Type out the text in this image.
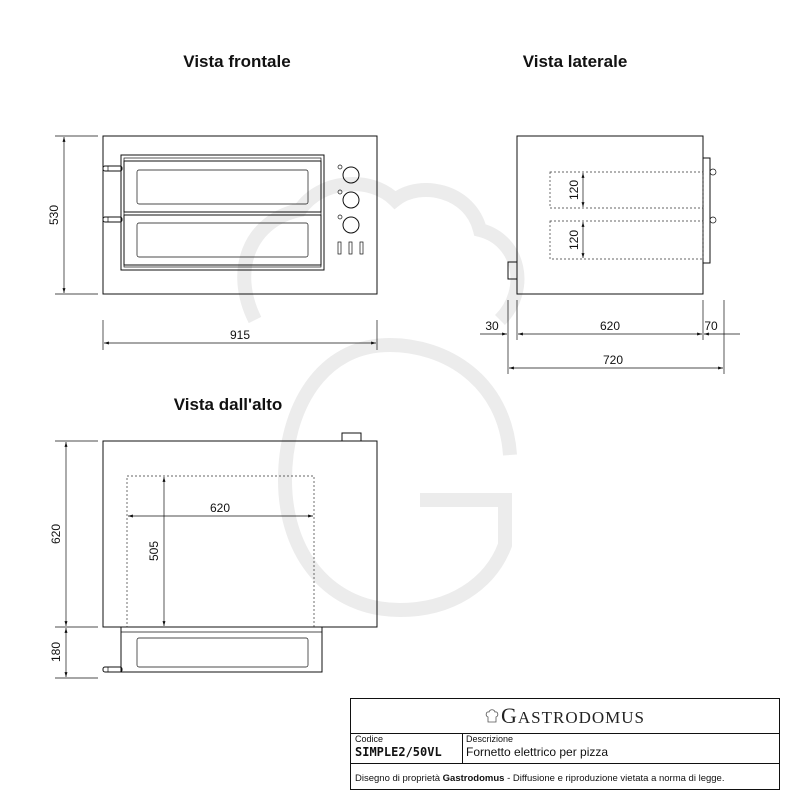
Vista frontale
530
915
Vista laterale
120
120
30	620	70
720
Vista dall'alto
620
505
620
180
GASTRODOMUS
Codice
SIMPLE2/50VL
Descrizione
Fornetto elettrico per pizza
Disegno di proprietà Gastrodomus - Diffusione e riproduzione vietata a norma di legge.
